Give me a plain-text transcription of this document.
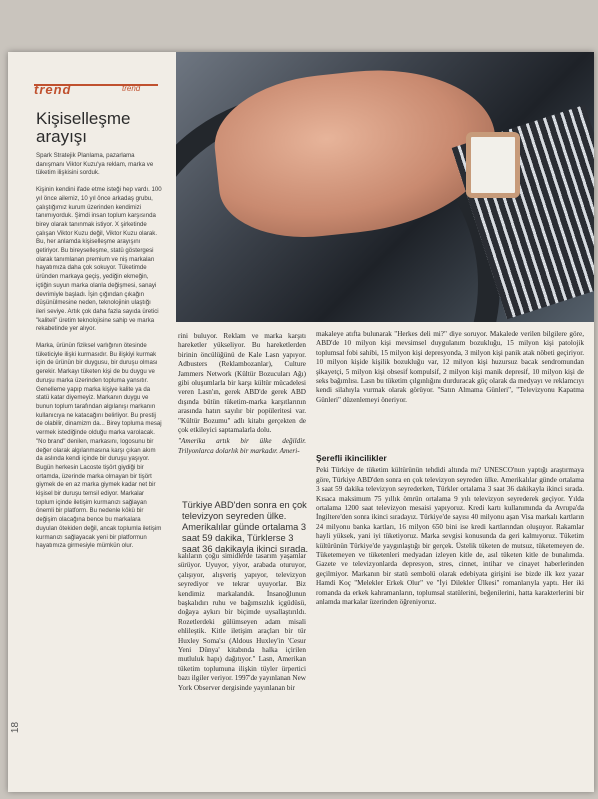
trend	trend
Kişiselleşme arayışı

Spark Stratejik Planlama, pazarlama danışmanı Viktor Kuzu'ya reklam, marka ve tüketim ilişkisini sorduk.

Kişinin kendini ifade etme isteği hep vardı. 100 yıl önce ailemiz, 10 yıl önce arkadaş grubu, çalıştığımız kurum üzerinden kendimizi tanımıyorduk. Şimdi insan toplum karşısında birey olarak tanınmak istiyor. X şirketinde çalışan Viktor Kuzu değil, Viktor Kuzu olarak. Bu, her anlamda kişiselleşme arayışını getiriyor. Bu bireyselleşme, statü göstergesi olarak tanımlanan premium ve niş markaları hayatımıza daha çok sokuyor. Tüketimde üründen markaya geçiş, yediğin ekmeğin, içtiğin suyun marka olanla değişmesi, sanayi devrimiyle başladı. İşin çığından çıkağın düşünülmesine neden, teknolojinin ulaştığı ileri seviye. Artık çok daha fazla sayıda üretici "kaliteli" üretim teknolojisine sahip ve marka rekabetinde yer alıyor.

Marka, ürünün fiziksel varlığının ötesinde tüketiciyle ilişki kurmasıdır. Bu ilişkiyi kurmak için de ürünün bir duygusu, bir duruşu olması gerekir. Markayı tüketen kişi de bu duygu ve duruşu marka üzerinden topluma yansıtır. Genelleme yapıp marka kişiye kalite ya da statü katar diyemeyiz. Markanın duygu ve bunun toplum tarafından algılanışı markanın kullanıcıya ne katacağını belirliyor. Bu prestij de olabilir, dinamizm da... Birey topluma mesaj vermek istediğinde olduğu marka varolacak. "No brand" denilen, markasını, logosunu bir değer olarak algılanmasına karşı çıkan akım da aslında kendi içinde bir duruşu yaşıyor. Bugün herkesin Lacoste tişört giydiği bir ortamda, üzerinde marka olmayan bir tişört giymek de en az marka giymek kadar net bir kişisel bir duruşu temsil ediyor. Markalar toplum içinde iletişim kurmanızı sağlayan önemli bir platform. Bu nedenle kökü bir değişim olacağına bence bu markalara duyulan ötekiden değil, ancak toplumla iletişim kurmanızı sağlayacak yeni bir platformun hayatımıza girmesiyle mümkün olur.

rini buluyor. Reklam ve marka karşıtı hareketler yükseliyor. Bu hareketlerden birinin öncülüğünü de Kale Lasn yapıyor. Adbusters (Reklambozanlar), Culture Jammers Network (Kültür Bozucuları Ağı) gibi oluşumlarla bir karşı kültür mücadelesi veren Lasn'ın, gerek ABD'de gerek ABD dışında bütün tüketim-marka karşıtlarının arasında hatırı sayılır bir popüleritesi var. "Kültür Bozumu" adlı kitabı gerçekten de çok etkileyici saptamalarla dolu.

"Amerika artık bir ülke değildir. Trilyonlarca dolarlık bir markadır. Ameri-

Türkiye ABD'den sonra en çok televizyon seyreden ülke. Amerikalılar günde ortalama 3 saat 59 dakika, Türklerse 3 saat 36 dakikayla ikinci sırada.

kalıların çoğu simidlerde tasarım yaşamlar sürüyor. Uyuyor, yiyor, arabada oturuyor, çalışıyor, alışveriş yapıyor, televizyon seyrediyor ve tekrar uyuyorlar. Biz kendimiz markalandık. İnsanoğlunun başkalıdırı ruhu ve bağımsızlık içgüdüsü, doğaya aykırı bir biçimde uysallaştırıldı. Rozetlerdeki gülümseyen adam misali ehlileştik. Kitle iletişim araçları bir tür Huxley Soma'sı (Aldous Huxley'in 'Cesur Yeni Dünya' kitabında halka içirilen mutluluk hapı) dağıtıyor." Lasn, Amerikan tüketim toplumuna ilişkin tüyler ürpertici bazı ilgiler veriyor. 1997'de yayınlanan New York Observer dergisinde yayınlanan bir

makaleye atıfta bulunarak "Herkes deli mi?" diye soruyor. Makalede verilen bilgilere göre, ABD'de 10 milyon kişi mevsimsel duygulanım bozukluğu, 15 milyon kişi patolojik toplumsal fobi sahibi, 15 milyon kişi depresyonda, 3 milyon kişi panik atak nöbeti geçiriyor. 10 milyon kişide kişilik bozukluğu var, 12 milyon kişi huzursuz bacak sendromundan şikayetçi, 5 milyon kişi obsesif kompulsif, 2 milyon kişi manik depresif, 10 milyon kişi de seks bağımlısı. Lasn bu tüketim çılgınlığını durduracak güç olarak da medyayı ve reklamcıyı kendi silahıyla vurmak olarak görüyor. "Satın Almama Günleri", "Televizyonu Kapatma Günleri" düzenlemeyi öneriyor.

Şerefli ikincilikler

Peki Türkiye de tüketim kültürünün tehdidi altında mı? UNESCO'nun yaptığı araştırmaya göre, Türkiye ABD'den sonra en çok televizyon seyreden ülke. Amerikalılar günde ortalama 3 saat 59 dakika televizyon seyrederken, Türkler ortalama 3 saat 36 dakikayla ikinci sırada. Kısaca maksimum 75 yıllık ömrün ortalama 9 yılı televizyon seyrederek geçiyor. Yılda ortalama 1200 saat televizyon mesaisi yapıyoruz. Kredi kartı kullanımında da Avrupa'da İngiltere'den sonra ikinci sıradayız. Türkiye'de sayısı 40 milyonu aşan Visa markalı kartların 24 milyonu banka kartları, 16 milyon 650 bini ise kredi kartlarından oluşuyor. Rakamlar hayli yüksek, yani iyi tüketiyoruz. Marka sevgisi konusunda da geri kalmıyoruz. Tüketim kültürünün Türkiye'de yaygınlaştığı bir gerçek. Üstelik tüketen de mutsuz, tüketemeyen de. Tüketemeyen ve tüketenleri medyadan izleyen kitle de, asıl tüketen kitle de bunalımda. Gazete ve televizyonlarda depresyon, stres, cinnet, intihar ve cinayet haberlerinden geçilmiyor. Markanın bir statü sembolü olarak edebiyata girişini ise bizde ilk kez yazar Hamdi Koç "Melekler Erkek Olur" ve "İyi Dilekler Ülkesi" romanlarıyla yaptı. Her iki romanda da erkek kahramanların, toplumsal statülerini, beğenilerini, hatta karakterlerini bir anlamda markalar üzerinden öğreniyoruz.

18
